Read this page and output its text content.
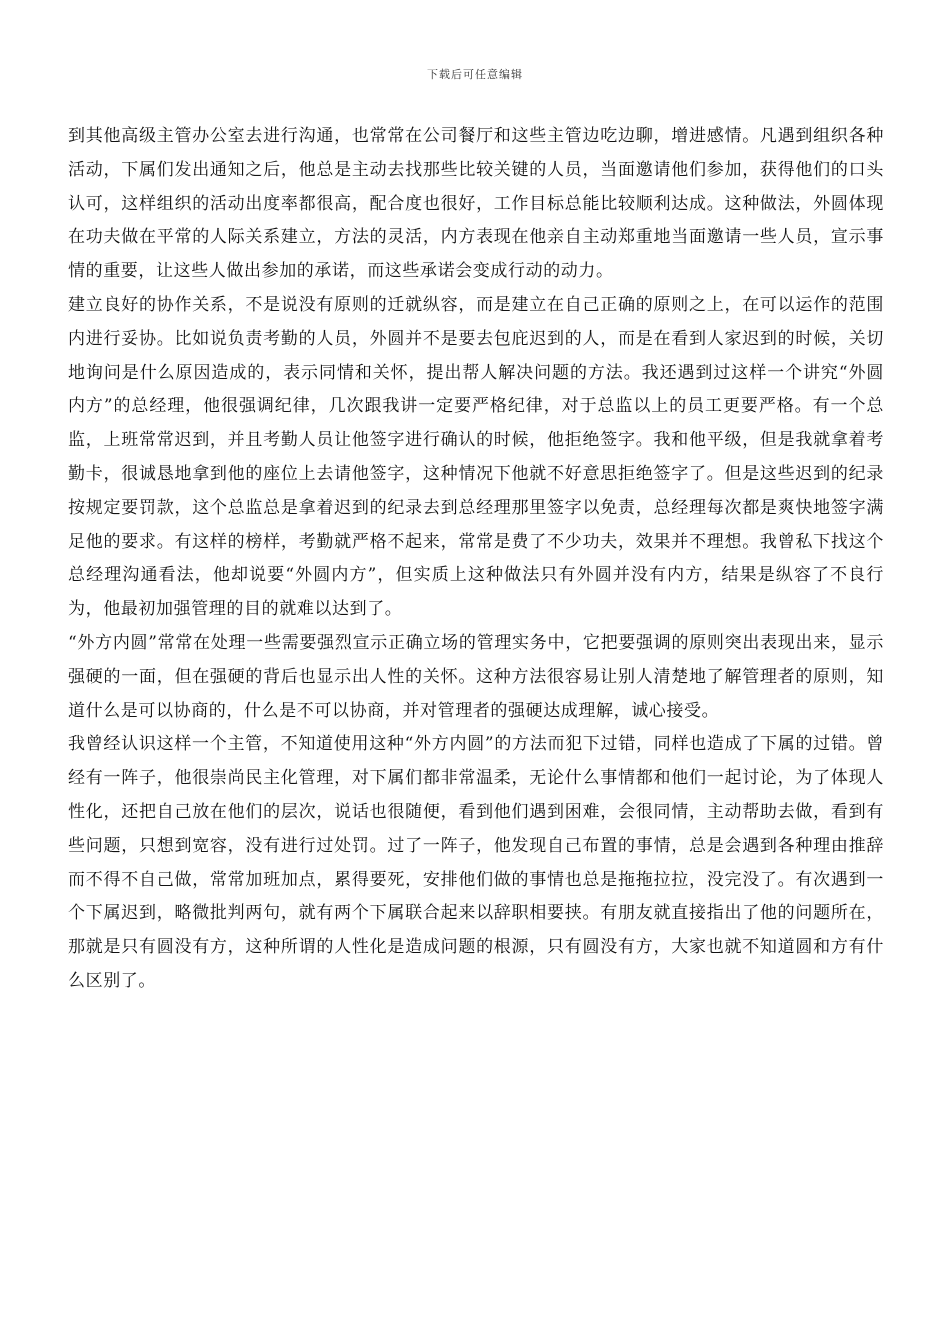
下载后可任意编辑

到其他高级主管办公室去进行沟通，也常常在公司餐厅和这些主管边吃边聊，增进感情。凡遇到组织各种活动，下属们发出通知之后，他总是主动去找那些比较关键的人员，当面邀请他们参加，获得他们的口头认可，这样组织的活动出度率都很高，配合度也很好，工作目标总能比较顺利达成。这种做法，外圆体现在功夫做在平常的人际关系建立，方法的灵活，内方表现在他亲自主动郑重地当面邀请一些人员，宣示事情的重要，让这些人做出参加的承诺，而这些承诺会变成行动的动力。

建立良好的协作关系，不是说没有原则的迁就纵容，而是建立在自己正确的原则之上，在可以运作的范围内进行妥协。比如说负责考勤的人员，外圆并不是要去包庇迟到的人，而是在看到人家迟到的时候，关切地询问是什么原因造成的，表示同情和关怀，提出帮人解决问题的方法。我还遇到过这样一个讲究“外圆内方”的总经理，他很强调纪律，几次跟我讲一定要严格纪律，对于总监以上的员工更要严格。有一个总监，上班常常迟到，并且考勤人员让他签字进行确认的时候，他拒绝签字。我和他平级，但是我就拿着考勤卡，很诚恳地拿到他的座位上去请他签字，这种情况下他就不好意思拒绝签字了。但是这些迟到的纪录按规定要罚款，这个总监总是拿着迟到的纪录去到总经理那里签字以免责，总经理每次都是爽快地签字满足他的要求。有这样的榜样，考勤就严格不起来，常常是费了不少功夫，效果并不理想。我曾私下找这个总经理沟通看法，他却说要“外圆内方”，但实质上这种做法只有外圆并没有内方，结果是纵容了不良行为，他最初加强管理的目的就难以达到了。

“外方内圆”常常在处理一些需要强烈宣示正确立场的管理实务中，它把要强调的原则突出表现出来，显示强硬的一面，但在强硬的背后也显示出人性的关怀。这种方法很容易让别人清楚地了解管理者的原则，知道什么是可以协商的，什么是不可以协商，并对管理者的强硬达成理解，诚心接受。

我曾经认识这样一个主管，不知道使用这种“外方内圆”的方法而犯下过错，同样也造成了下属的过错。曾经有一阵子，他很崇尚民主化管理，对下属们都非常温柔，无论什么事情都和他们一起讨论，为了体现人性化，还把自己放在他们的层次，说话也很随便，看到他们遇到困难，会很同情，主动帮助去做，看到有些问题，只想到宽容，没有进行过处罚。过了一阵子，他发现自己布置的事情，总是会遇到各种理由推辞而不得不自己做，常常加班加点，累得要死，安排他们做的事情也总是拖拖拉拉，没完没了。有次遇到一个下属迟到，略微批判两句，就有两个下属联合起来以辞职相要挟。有朋友就直接指出了他的问题所在，那就是只有圆没有方，这种所谓的人性化是造成问题的根源，只有圆没有方，大家也就不知道圆和方有什么区别了。
